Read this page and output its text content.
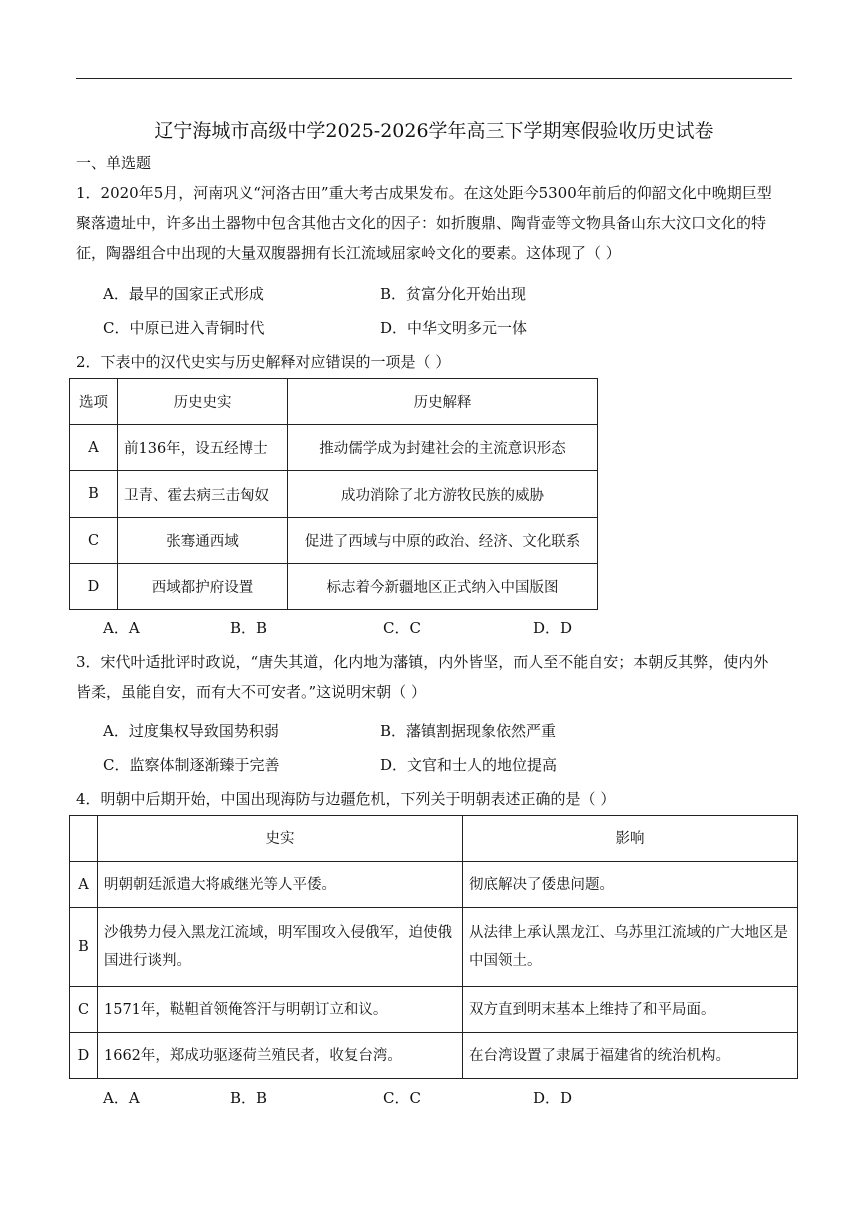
辽宁海城市高级中学2025-2026学年高三下学期寒假验收历史试卷
一、单选题
1．2020年5月，河南巩义“河洛古田”重大考古成果发布。在这处距今5300年前后的仰韶文化中晚期巨型
聚落遗址中，许多出土器物中包含其他古文化的因子：如折腹鼎、陶背壶等文物具备山东大汶口文化的特
征，陶器组合中出现的大量双腹器拥有长江流域屈家岭文化的要素。这体现了（ ）
A．最早的国家正式形成	B．贫富分化开始出现
C．中原已进入青铜时代	D．中华文明多元一体
2．下表中的汉代史实与历史解释对应错误的一项是（ ）
选项	历史史实	历史解释
A	前136年，设五经博士	推动儒学成为封建社会的主流意识形态
B	卫青、霍去病三击匈奴	成功消除了北方游牧民族的威胁
C	张骞通西域	促进了西域与中原的政治、经济、文化联系
D	西域都护府设置	标志着今新疆地区正式纳入中国版图
A．A	B．B	C．C	D．D
3．宋代叶适批评时政说，“唐失其道，化内地为藩镇，内外皆坚，而人至不能自安；本朝反其弊，使内外
皆柔，虽能自安，而有大不可安者。”这说明宋朝（ ）
A．过度集权导致国势积弱	B．藩镇割据现象依然严重
C．监察体制逐渐臻于完善	D．文官和士人的地位提高
4．明朝中后期开始，中国出现海防与边疆危机，下列关于明朝表述正确的是（ ）
	史实	影响
A	明朝朝廷派遣大将戚继光等人平倭。	彻底解决了倭患问题。
B	沙俄势力侵入黑龙江流域，明军围攻入侵俄军，迫使俄国进行谈判。	从法律上承认黑龙江、乌苏里江流域的广大地区是中国领土。
C	1571年，鞑靼首领俺答汗与明朝订立和议。	双方直到明末基本上维持了和平局面。
D	1662年，郑成功驱逐荷兰殖民者，收复台湾。	在台湾设置了隶属于福建省的统治机构。
A．A	B．B	C．C	D．D
